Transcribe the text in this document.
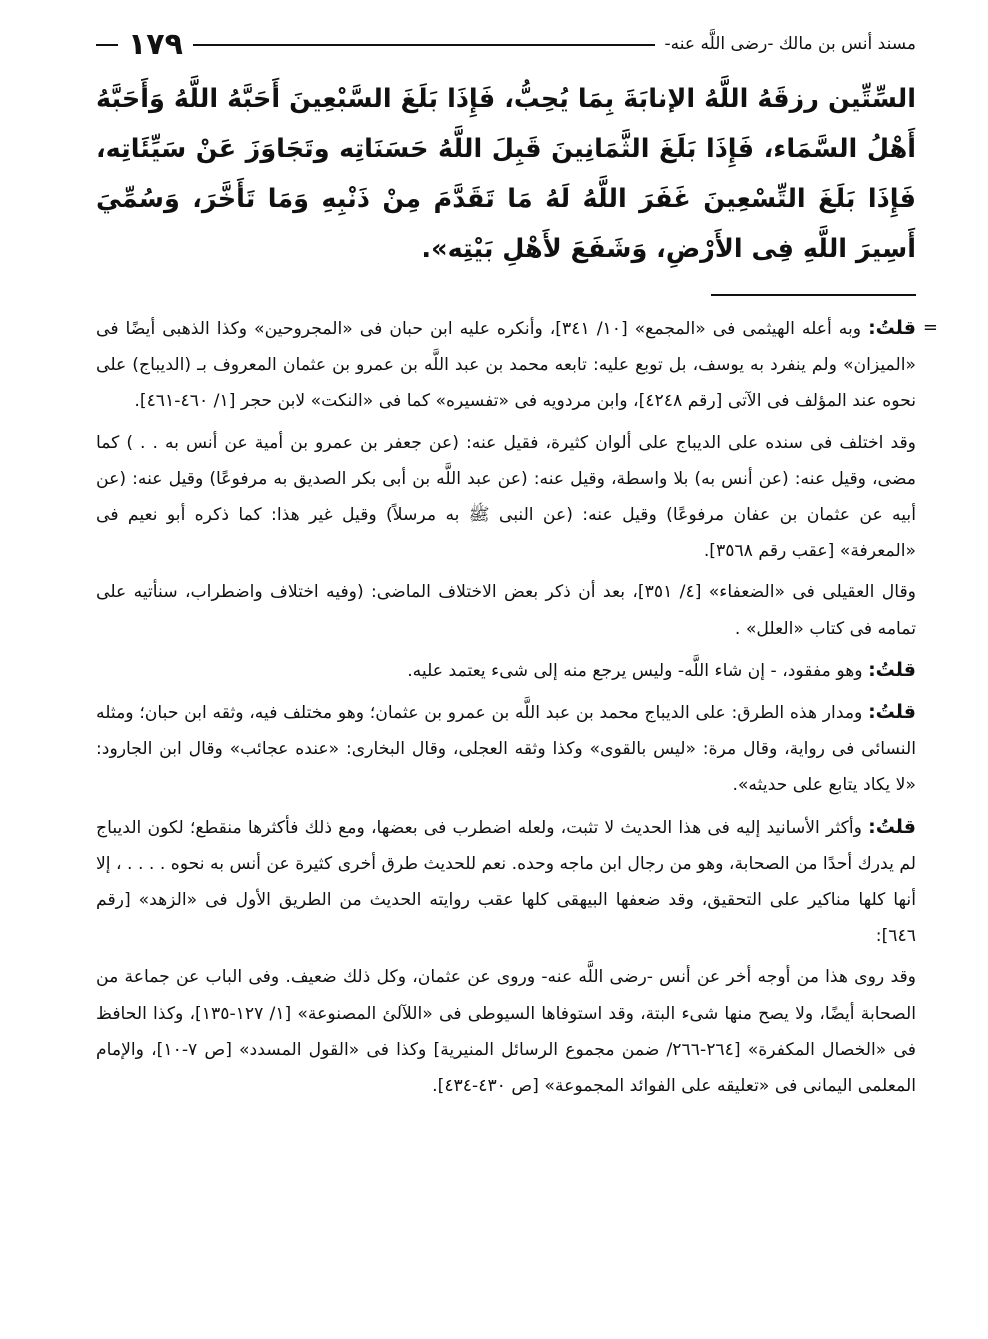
مسند أنس بن مالك -رضى اللَّه عنه-
١٧٩
السِّتِّين رزقَهُ اللَّهُ الإنابَةَ بِمَا يُحِبُّ، فَإِذَا بَلَغَ السَّبْعِينَ أَحَبَّهُ اللَّهُ وَأَحَبَّهُ أَهْلُ السَّمَاء، فَإِذَا بَلَغَ الثَّمَانِينَ قَبِلَ اللَّهُ حَسَنَاتِه وتَجَاوَزَ عَنْ سَيِّئَاتِه، فَإِذَا بَلَغَ التِّسْعِينَ غَفَرَ اللَّهُ لَهُ مَا تَقَدَّمَ مِنْ ذَنْبِهِ وَمَا تَأَخَّرَ، وَسُمِّيَ أَسِيرَ اللَّهِ فِى الأَرْضِ، وَشَفَعَ لأَهْلِ بَيْتِه».

=
قلتُ: وبه أعله الهيثمى فى «المجمع» [١٠/ ٣٤١]، وأنكره عليه ابن حبان فى «المجروحين» وكذا الذهبى أيضًا فى «الميزان» ولم ينفرد به يوسف، بل توبع عليه: تابعه محمد بن عبد اللَّه بن عمرو بن عثمان المعروف بـ (الديباج) على نحوه عند المؤلف فى الآتى [رقم ٤٢٤٨]، وابن مردويه فى «تفسيره» كما فى «النكت» لابن حجر [١/ ٤٦٠-٤٦١].

وقد اختلف فى سنده على الديباج على ألوان كثيرة، فقيل عنه: (عن جعفر بن عمرو بن أمية عن أنس به . . ) كما مضى، وقيل عنه: (عن أنس به) بلا واسطة، وقيل عنه: (عن عبد اللَّه بن أبى بكر الصديق به مرفوعًا) وقيل عنه: (عن أبيه عن عثمان بن عفان مرفوعًا) وقيل عنه: (عن النبى ﷺ به مرسلاً) وقيل غير هذا: كما ذكره أبو نعيم فى «المعرفة» [عقب رقم ٣٥٦٨].

وقال العقيلى فى «الضعفاء» [٤/ ٣٥١]، بعد أن ذكر بعض الاختلاف الماضى: (وفيه اختلاف واضطراب، سنأتيه على تمامه فى كتاب «العلل» .

قلتُ: وهو مفقود، - إن شاء اللَّه- وليس يرجع منه إلى شىء يعتمد عليه.

قلتُ: ومدار هذه الطرق: على الديباج محمد بن عبد اللَّه بن عمرو بن عثمان؛ وهو مختلف فيه، وثقه ابن حبان؛ ومثله النسائى فى رواية، وقال مرة: «ليس بالقوى» وكذا وثقه العجلى، وقال البخارى: «عنده عجائب» وقال ابن الجارود: «لا يكاد يتابع على حديثه».

قلتُ: وأكثر الأسانيد إليه فى هذا الحديث لا تثبت، ولعله اضطرب فى بعضها، ومع ذلك فأكثرها منقطع؛ لكون الديباج لم يدرك أحدًا من الصحابة، وهو من رجال ابن ماجه وحده. نعم للحديث طرق أخرى كثيرة عن أنس به نحوه . . . . ، إلا أنها كلها مناكير على التحقيق، وقد ضعفها البيهقى كلها عقب روايته الحديث من الطريق الأول فى «الزهد» [رقم ٦٤٦]:

وقد روى هذا من أوجه أخر عن أنس -رضى اللَّه عنه- وروى عن عثمان، وكل ذلك ضعيف. وفى الباب عن جماعة من الصحابة أيضًا، ولا يصح منها شىء البتة، وقد استوفاها السيوطى فى «اللآلئ المصنوعة» [١/ ١٢٧-١٣٥]، وكذا الحافظ فى «الخصال المكفرة» [٢٦٤-٢٦٦/ ضمن مجموع الرسائل المنيرية] وكذا فى «القول المسدد» [ص ٧-١٠]، والإمام المعلمى اليمانى فى «تعليقه على الفوائد المجموعة» [ص ٤٣٠-٤٣٤].
